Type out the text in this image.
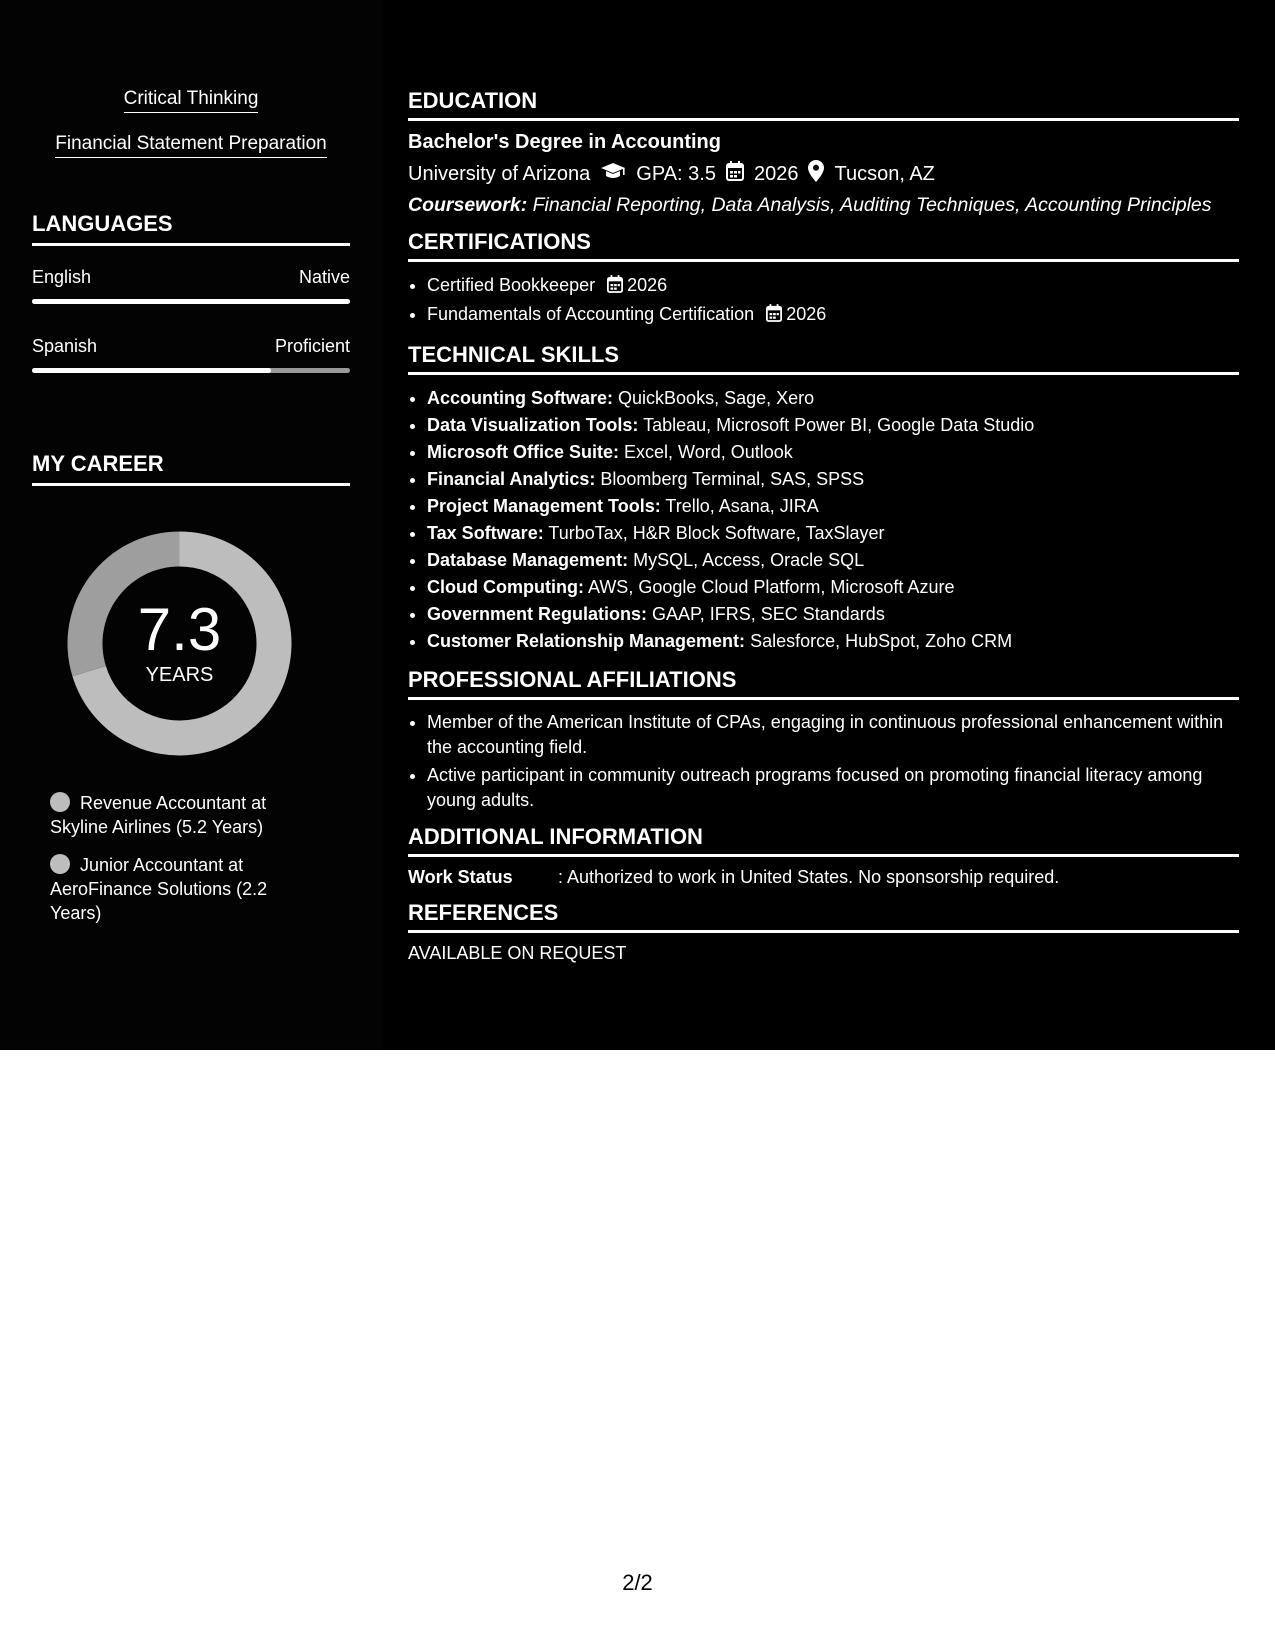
Critical Thinking
Financial Statement Preparation
LANGUAGES
English	Native
Spanish	Proficient
MY CAREER
7.3
YEARS
Revenue Accountant at Skyline Airlines (5.2 Years)
Junior Accountant at AeroFinance Solutions (2.2 Years)
EDUCATION
Bachelor's Degree in Accounting
University of Arizona GPA: 3.5 2026 Tucson, AZ
Coursework: Financial Reporting, Data Analysis, Auditing Techniques, Accounting Principles
CERTIFICATIONS
• Certified Bookkeeper 2026
• Fundamentals of Accounting Certification 2026
TECHNICAL SKILLS
• Accounting Software: QuickBooks, Sage, Xero
• Data Visualization Tools: Tableau, Microsoft Power BI, Google Data Studio
• Microsoft Office Suite: Excel, Word, Outlook
• Financial Analytics: Bloomberg Terminal, SAS, SPSS
• Project Management Tools: Trello, Asana, JIRA
• Tax Software: TurboTax, H&R Block Software, TaxSlayer
• Database Management: MySQL, Access, Oracle SQL
• Cloud Computing: AWS, Google Cloud Platform, Microsoft Azure
• Government Regulations: GAAP, IFRS, SEC Standards
• Customer Relationship Management: Salesforce, HubSpot, Zoho CRM
PROFESSIONAL AFFILIATIONS
• Member of the American Institute of CPAs, engaging in continuous professional enhancement within the accounting field.
• Active participant in community outreach programs focused on promoting financial literacy among young adults.
ADDITIONAL INFORMATION
Work Status	: Authorized to work in United States. No sponsorship required.
REFERENCES
AVAILABLE ON REQUEST
2/2
